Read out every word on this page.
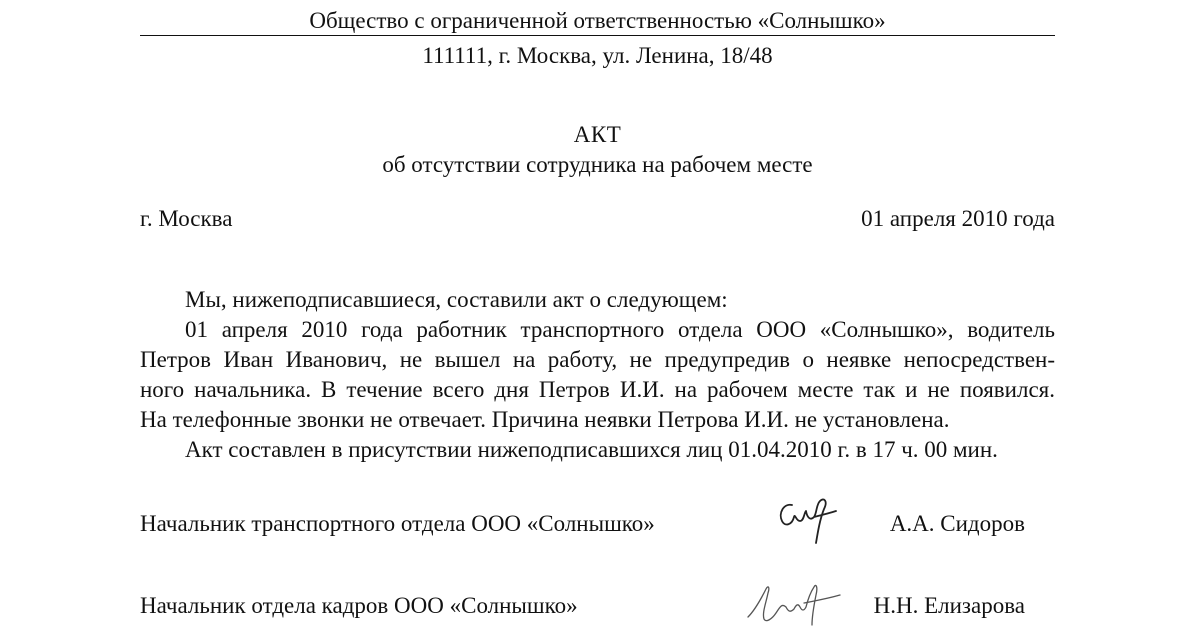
Общество с ограниченной ответственностью «Солнышко»
111111, г. Москва, ул. Ленина, 18/48
АКТ
об отсутствии сотрудника на рабочем месте
г. Москва	01 апреля 2010 года
Мы, нижеподписавшиеся, составили акт о следующем:
01 апреля 2010 года работник транспортного отдела ООО «Солнышко», водитель
Петров Иван Иванович, не вышел на работу, не предупредив о неявке непосредствен-
ного начальника. В течение всего дня Петров И.И. на рабочем месте так и не появился.
На телефонные звонки не отвечает. Причина неявки Петрова И.И. не установлена.
Акт составлен в присутствии нижеподписавшихся лиц 01.04.2010 г. в 17 ч. 00 мин.
Начальник транспортного отдела ООО «Солнышко»	А.А. Сидоров
Начальник отдела кадров ООО «Солнышко»	Н.Н. Елизарова
